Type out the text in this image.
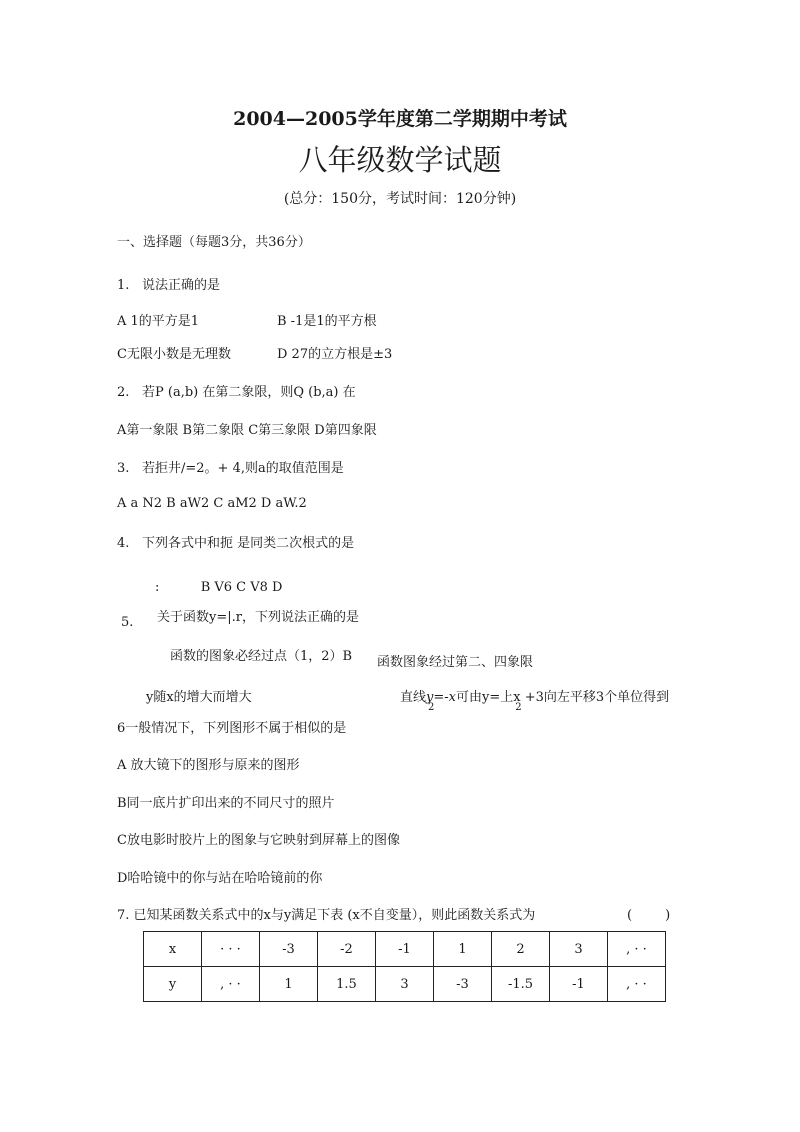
2004—2005学年度第二学期期中考试
八年级数学试题
(总分：150分，考试时间：120分钟)
一、选择题（每题3分，共36分）
1. 说法正确的是
A 1的平方是1	B -1是1的平方根
C无限小数是无理数	D 27的立方根是±3
2. 若P (a,b) 在第二象限，则Q (b,a) 在
A第一象限 B第二象限 C第三象限 D第四象限
3. 若拒井/=2。+ 4,则a的取值范围是
A a N2 B aW2 C aM2 D aW.2
4. 下列各式中和扼 是同类二次根式的是
:          B V6 C V8 D
5. 关于函数y=|.r，下列说法正确的是
函数的图象必经过点（1，2）B 函数图象经过第二、四象限
y随x的增大而增大	直线y=-x
2
可由y=上x
2
+3向左平移3个单位得到
6一般情况下，下列图形不属于相似的是
A 放大镜下的图形与原来的图形
B同一底片扩印出来的不同尺寸的照片
C放电影时胶片上的图象与它映射到屏幕上的图像
D哈哈镜中的你与站在哈哈镜前的你
7. 已知某函数关系式中的x与y满足下表 (x不自变量），则此函数关系式为	(        )
x	· · ·	-3	-2	-1	1	2	3	, · ·
y	, · ·	1	1.5	3	-3	-1.5	-1	, · ·
